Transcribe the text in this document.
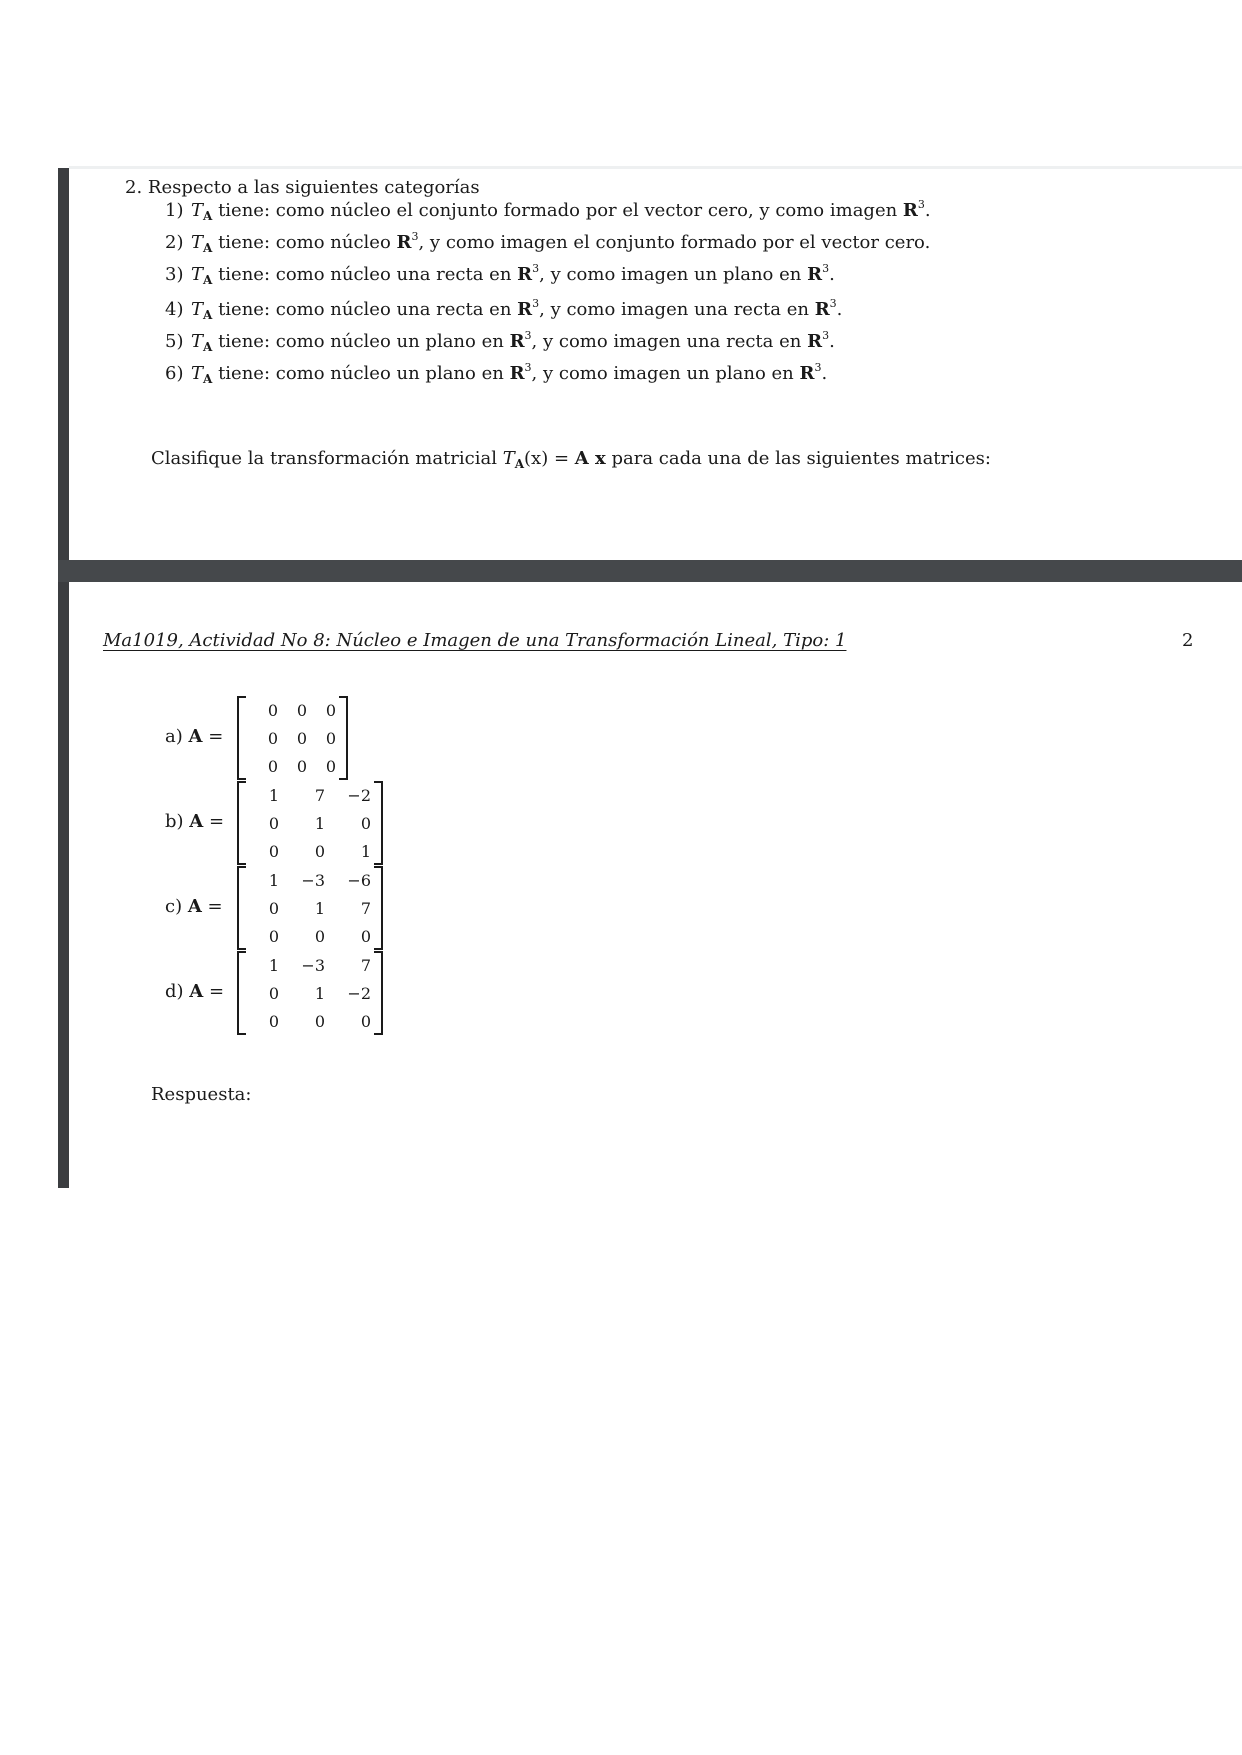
2. Respecto a las siguientes categorías
1) $T_A$ tiene: como núcleo el conjunto formado por el vector cero, y como imagen $R^3$.
2) $T_A$ tiene: como núcleo $R^3$, y como imagen el conjunto formado por el vector cero.
3) $T_A$ tiene: como núcleo una recta en $R^3$, y como imagen un plano en $R^3$.
4) $T_A$ tiene: como núcleo una recta en $R^3$, y como imagen una recta en $R^3$.
5) $T_A$ tiene: como núcleo un plano en $R^3$, y como imagen una recta en $R^3$.
6) $T_A$ tiene: como núcleo un plano en $R^3$, y como imagen un plano en $R^3$.
Clasifique la transformación matricial $T_A(x) = A$ x para cada una de las siguientes matrices:
Ma1019, Actividad No 8: Núcleo e Imagen de una Transformación Lineal, Tipo: 1	2
a) A =
0	0	0
0	0	0
0	0	0
b) A =
1	7	−2
0	1	0
0	0	1
c) A =
1	−3	−6
0	1	7
0	0	0
d) A =
1	−3	7
0	1	−2
0	0	0
Respuesta:
